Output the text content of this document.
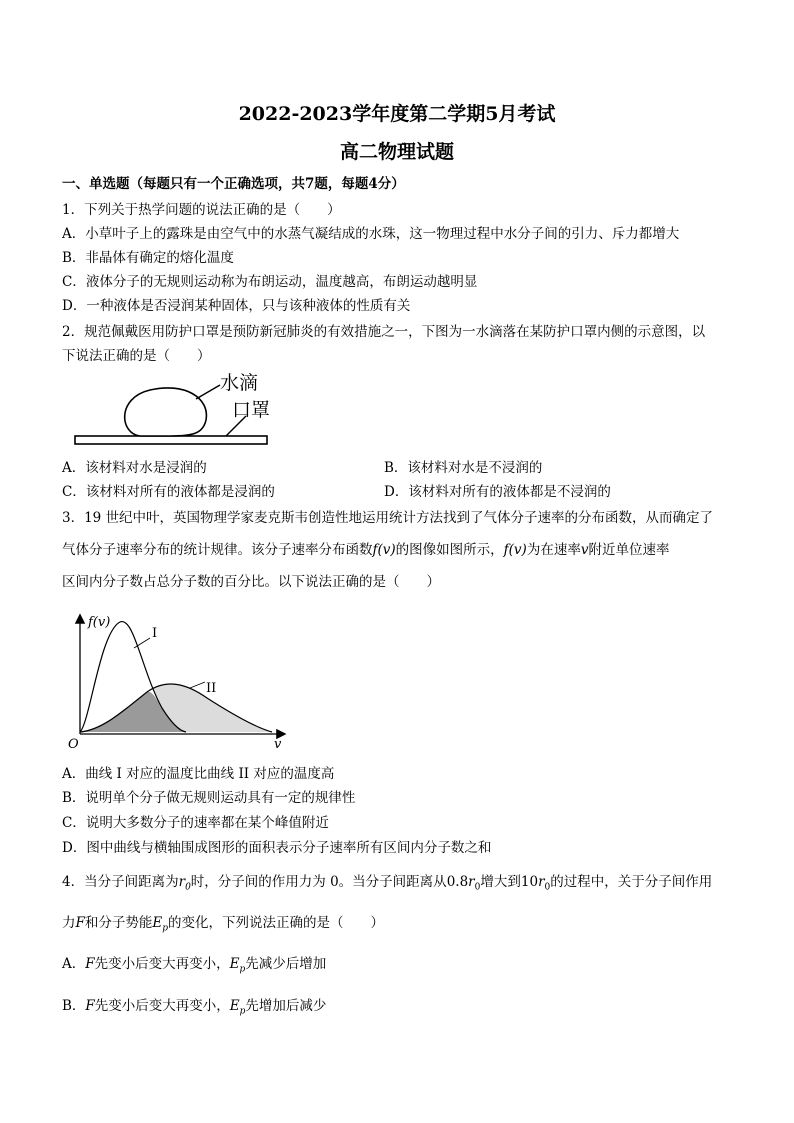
2022-2023学年度第二学期5月考试
高二物理试题
一、单选题（每题只有一个正确选项，共7题，每题4分）
1．下列关于热学问题的说法正确的是（　　）
A．小草叶子上的露珠是由空气中的水蒸气凝结成的水珠，这一物理过程中水分子间的引力、斥力都增大
B．非晶体有确定的熔化温度
C．液体分子的无规则运动称为布朗运动，温度越高，布朗运动越明显
D．一种液体是否浸润某种固体，只与该种液体的性质有关
2．规范佩戴医用防护口罩是预防新冠肺炎的有效措施之一，下图为一水滴落在某防护口罩内侧的示意图，以
下说法正确的是（　　）
水滴
口罩
A．该材料对水是浸润的	B．该材料对水是不浸润的
C．该材料对所有的液体都是浸润的	D．该材料对所有的液体都是不浸润的
3．19 世纪中叶，英国物理学家麦克斯韦创造性地运用统计方法找到了气体分子速率的分布函数，从而确定了
气体分子速率分布的统计规律。该分子速率分布函数f(v)的图像如图所示，f(v)为在速率v附近单位速率
区间内分子数占总分子数的百分比。以下说法正确的是（　　）
f(v)
v
O
I
II
A．曲线 I 对应的温度比曲线 II 对应的温度高
B．说明单个分子做无规则运动具有一定的规律性
C．说明大多数分子的速率都在某个峰值附近
D．图中曲线与横轴围成图形的面积表示分子速率所有区间内分子数之和
4．当分子间距离为$r_0$时，分子间的作用力为 0。当分子间距离从$0.8r_0$增大到$10r_0$的过程中，关于分子间作用
力F和分子势能$E_p$的变化，下列说法正确的是（　　）
A．F先变小后变大再变小，$E_p$先减少后增加
B．F先变小后变大再变小，$E_p$先增加后减少
